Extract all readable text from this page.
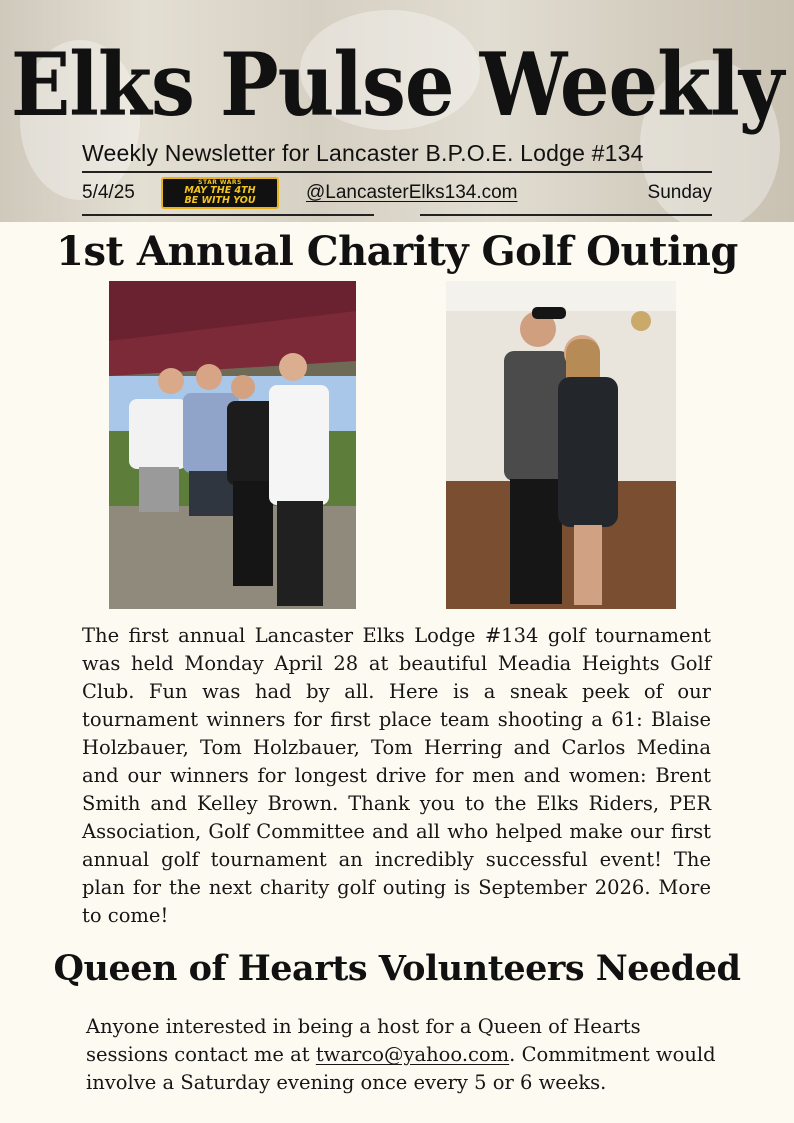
Elks Pulse Weekly
Weekly Newsletter for Lancaster B.P.O.E. Lodge #134
5/4/25	STAR WARS
MAY THE 4TH
BE WITH YOU	@LancasterElks134.com	Sunday
1st Annual Charity Golf Outing

The first annual Lancaster Elks Lodge #134 golf tournament was held Monday April 28 at beautiful Meadia Heights Golf Club. Fun was had by all. Here is a sneak peek of our tournament winners for first place team shooting a 61: Blaise Holzbauer, Tom Holzbauer, Tom Herring and Carlos Medina and our winners for longest drive for men and women: Brent Smith and Kelley Brown. Thank you to the Elks Riders, PER Association, Golf Committee and all who helped make our first annual golf tournament an incredibly successful event! The plan for the next charity golf outing is September 2026. More to come!

Queen of Hearts Volunteers Needed

Anyone interested in being a host for a Queen of Hearts sessions contact me at twarco@yahoo.com. Commitment would involve a Saturday evening once every 5 or 6 weeks.
